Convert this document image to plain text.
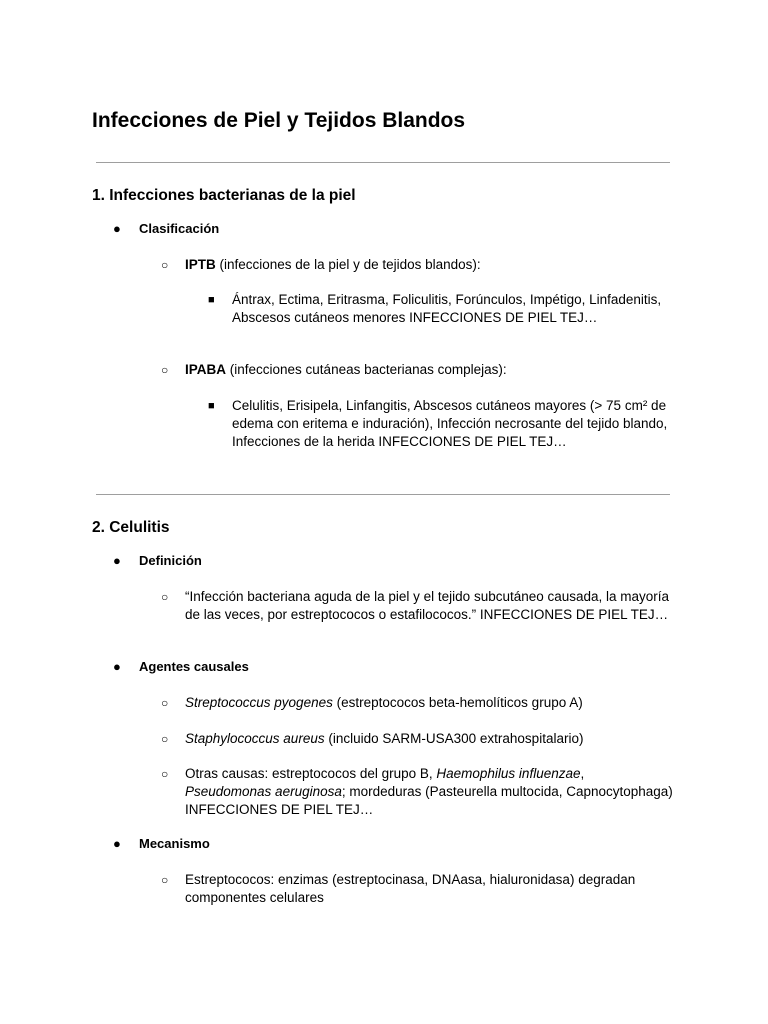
Infecciones de Piel y Tejidos Blandos
1. Infecciones bacterianas de la piel
●	Clasificación
○ IPTB (infecciones de la piel y de tejidos blandos):
■ Ántrax, Ectima, Eritrasma, Foliculitis, Forúnculos, Impétigo, Linfadenitis, Abscesos cutáneos menores INFECCIONES DE PIEL TEJ…
○ IPABA (infecciones cutáneas bacterianas complejas):
■ Celulitis, Erisipela, Linfangitis, Abscesos cutáneos mayores (> 75 cm² de edema con eritema e induración), Infección necrosante del tejido blando, Infecciones de la herida INFECCIONES DE PIEL TEJ…
2. Celulitis
●	Definición
○ “Infección bacteriana aguda de la piel y el tejido subcutáneo causada, la mayoría de las veces, por estreptococos o estafilococos.” INFECCIONES DE PIEL TEJ…
●	Agentes causales
○ Streptococcus pyogenes (estreptococos beta-hemolíticos grupo A)
○ Staphylococcus aureus (incluido SARM-USA300 extrahospitalario)
○ Otras causas: estreptococos del grupo B, Haemophilus influenzae,
Pseudomonas aeruginosa; mordeduras (Pasteurella multocida, Capnocytophaga) INFECCIONES DE PIEL TEJ…
●	Mecanismo
○ Estreptococos: enzimas (estreptocinasa, DNAasa, hialuronidasa) degradan componentes celulares
